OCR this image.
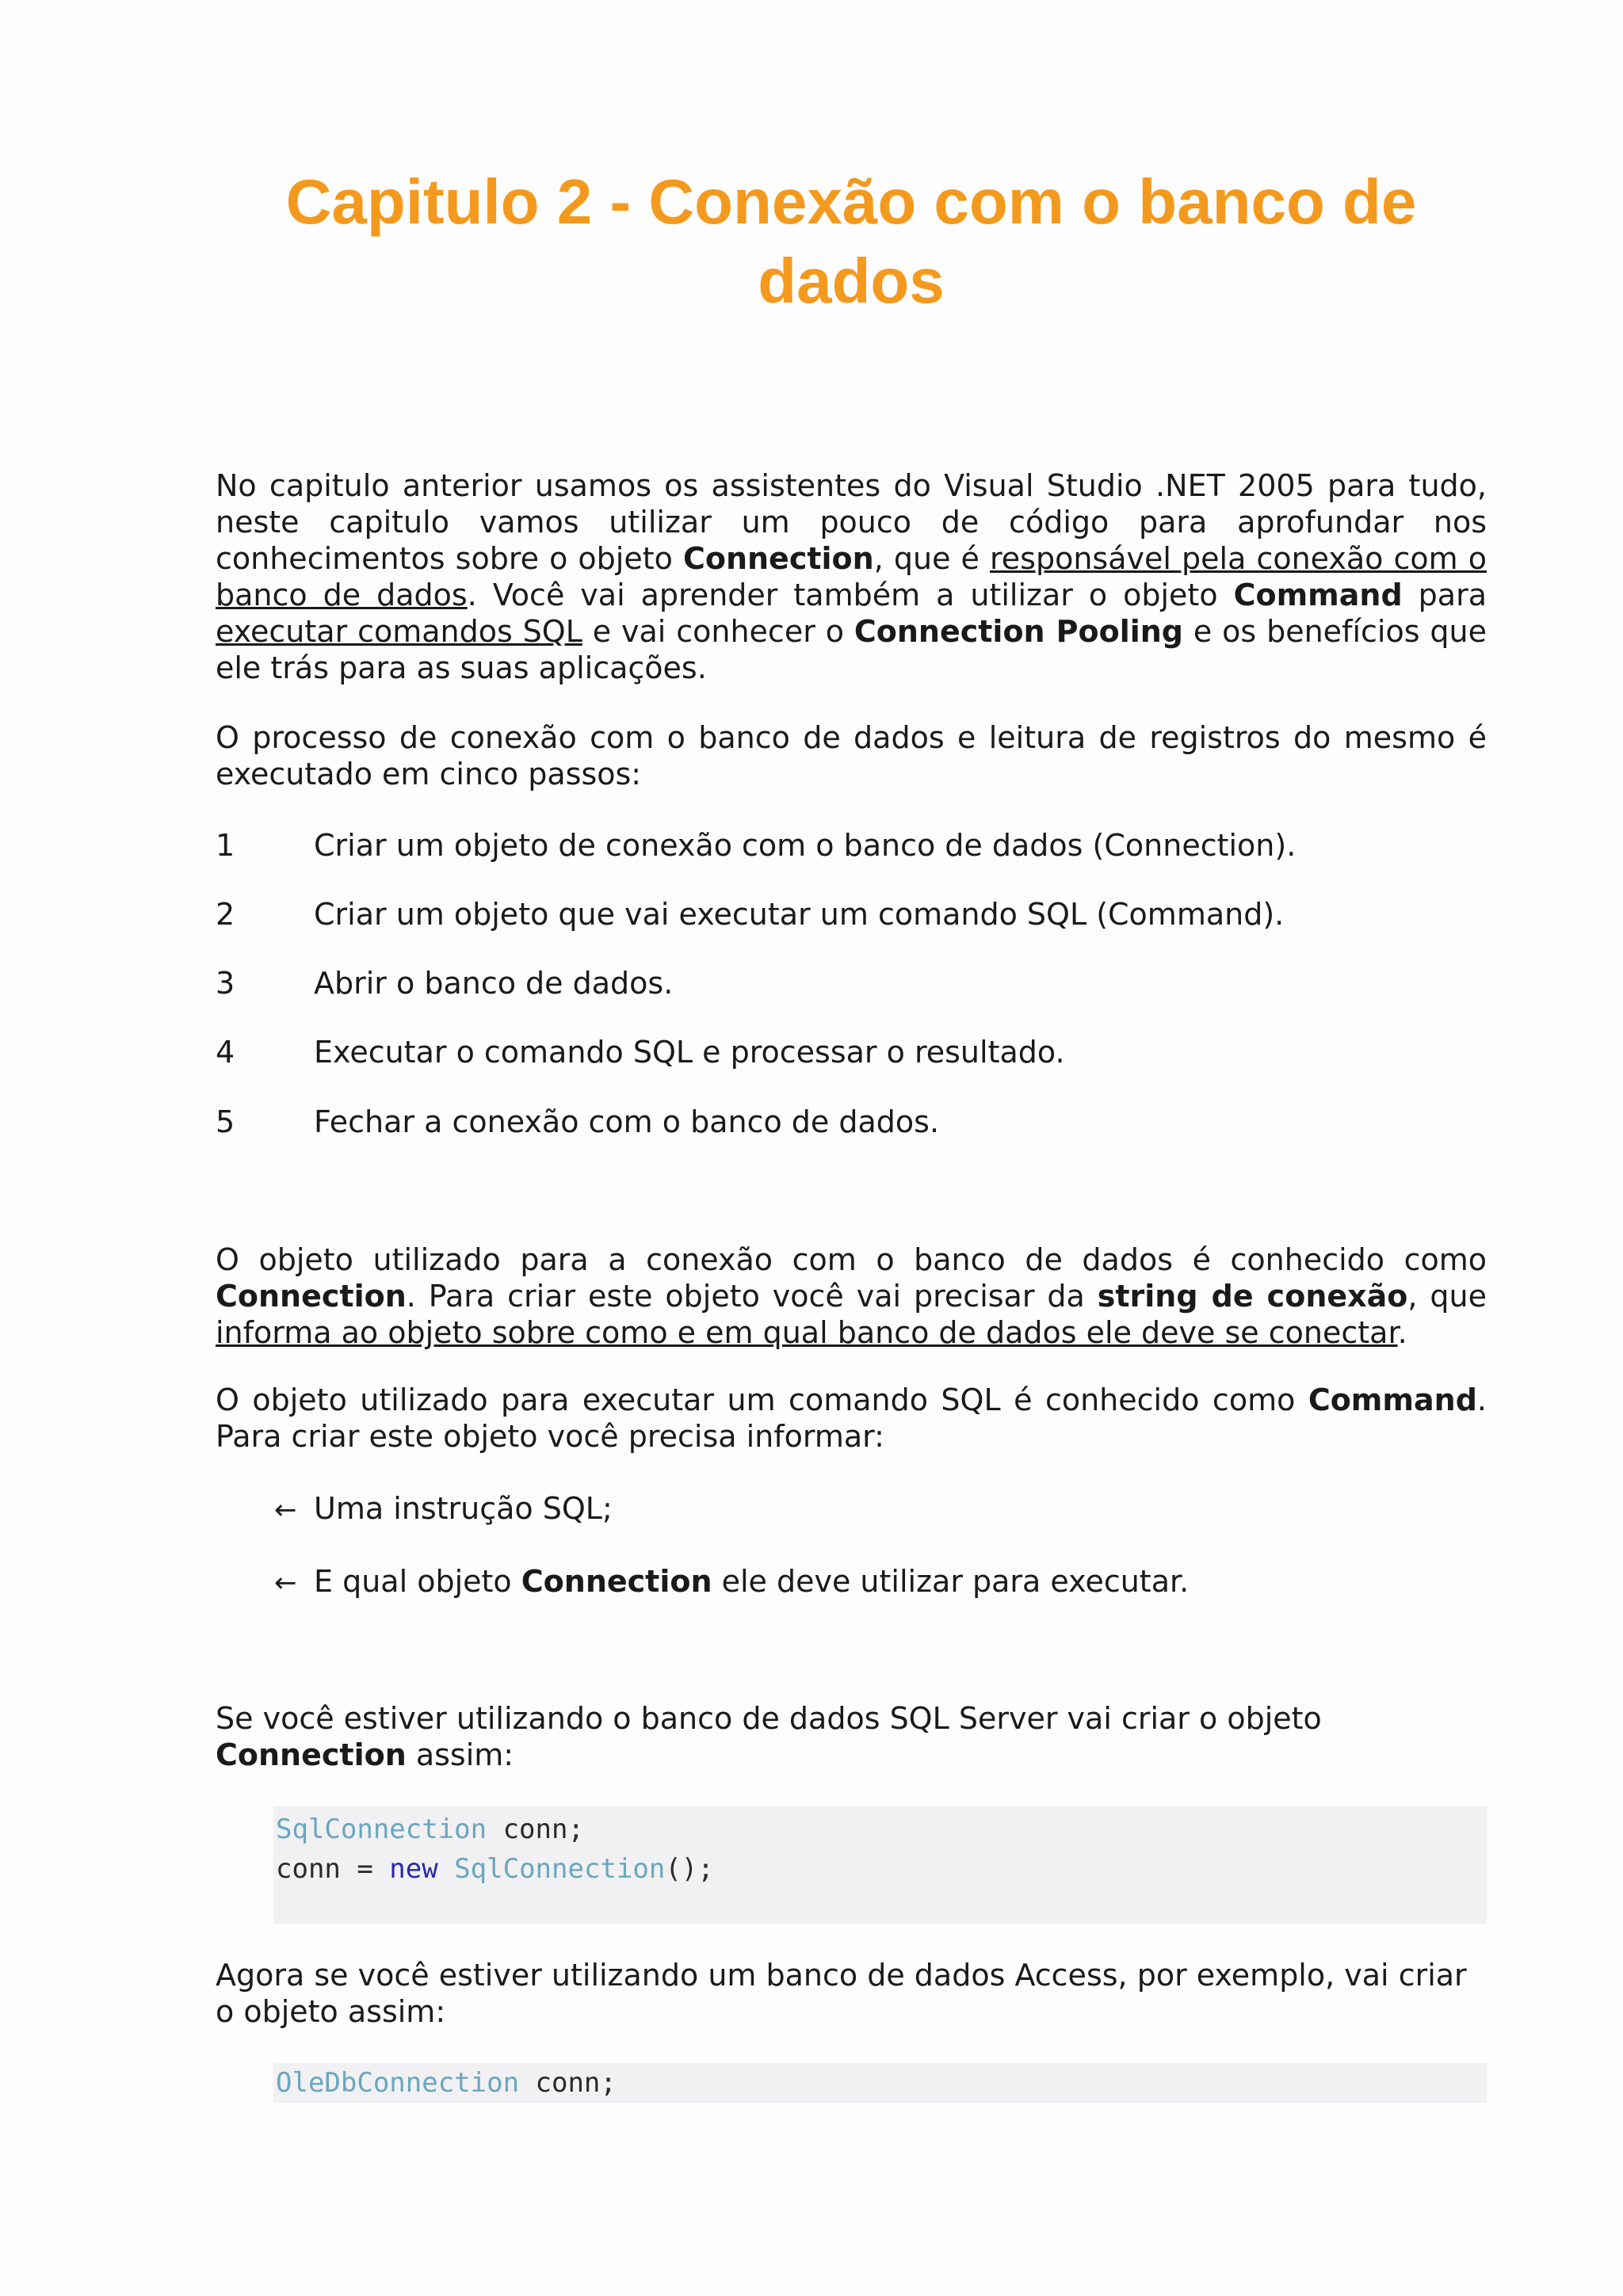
Capitulo 2 - Conexão com o banco de dados
No capitulo anterior usamos os assistentes do Visual Studio .NET 2005 para tudo, neste capitulo vamos utilizar um pouco de código para aprofundar nos conhecimentos sobre o objeto Connection, que é responsável pela conexão com o banco de dados. Você vai aprender também a utilizar o objeto Command para executar comandos SQL e vai conhecer o Connection Pooling e os benefícios que ele trás para as suas aplicações.
O processo de conexão com o banco de dados e leitura de registros do mesmo é executado em cinco passos:
1	Criar um objeto de conexão com o banco de dados (Connection).
2	Criar um objeto que vai executar um comando SQL (Command).
3	Abrir o banco de dados.
4	Executar o comando SQL e processar o resultado.
5	Fechar a conexão com o banco de dados.
O objeto utilizado para a conexão com o banco de dados é conhecido como Connection. Para criar este objeto você vai precisar da string de conexão, que informa ao objeto sobre como e em qual banco de dados ele deve se conectar.
O objeto utilizado para executar um comando SQL é conhecido como Command. Para criar este objeto você precisa informar:
← Uma instrução SQL;
← E qual objeto Connection ele deve utilizar para executar.
Se você estiver utilizando o banco de dados SQL Server vai criar o objeto Connection assim:
SqlConnection conn;
conn = new SqlConnection();
Agora se você estiver utilizando um banco de dados Access, por exemplo, vai criar o objeto assim:
OleDbConnection conn;
